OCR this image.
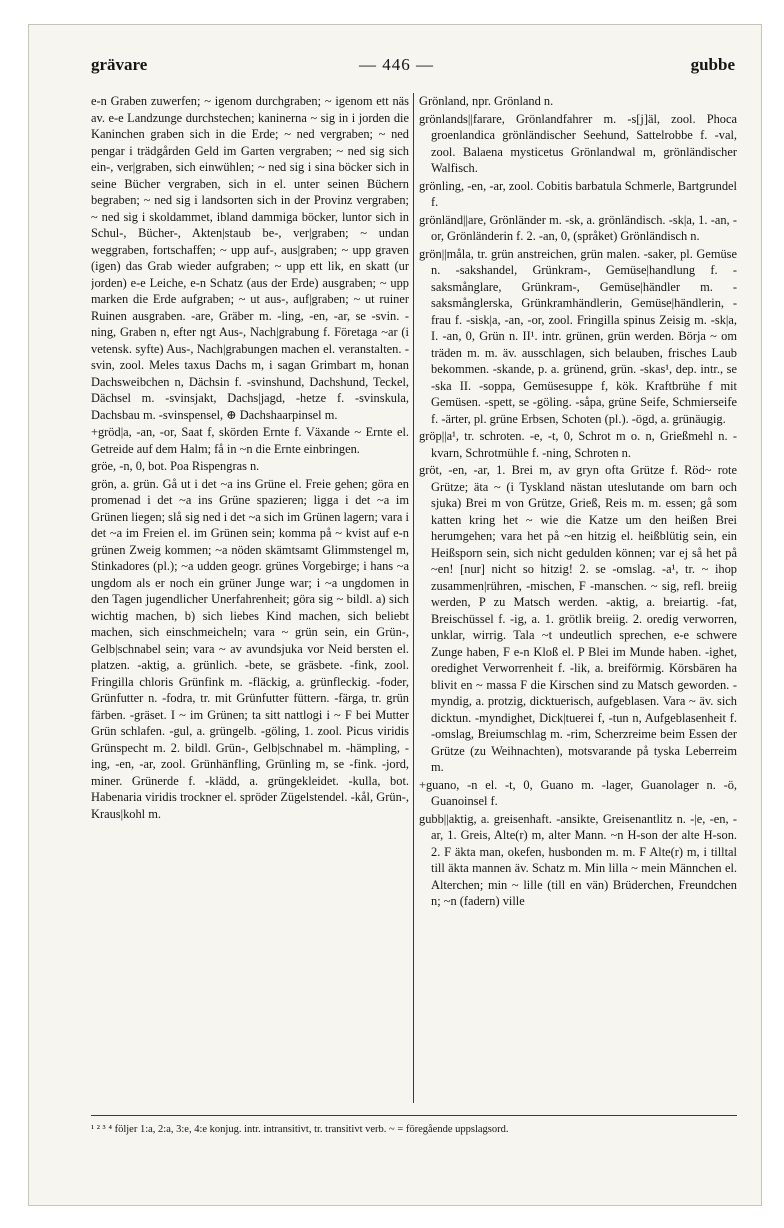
grävare	— 446 —	gubbe

e-n Graben zuwerfen; ~ igenom durchgraben; ~ igenom ett näs av. e-e Landzunge durchstechen; kaninerna ~ sig in i jorden die Kaninchen graben sich in die Erde; ~ ned vergraben; ~ ned pengar i trädgården Geld im Garten vergraben; ~ ned sig sich ein-, ver|graben, sich einwühlen; ~ ned sig i sina böcker sich in seine Bücher vergraben, sich in el. unter seinen Büchern begraben; ~ ned sig i landsorten sich in der Provinz vergraben; ~ ned sig i skoldammet, ibland dammiga böcker, luntor sich in Schul-, Bücher-, Akten|staub be-, ver|graben; ~ undan weggraben, fortschaffen; ~ upp auf-, aus|graben; ~ upp graven (igen) das Grab wieder aufgraben; ~ upp ett lik, en skatt (ur jorden) e-e Leiche, e-n Schatz (aus der Erde) ausgraben; ~ upp marken die Erde aufgraben; ~ ut aus-, auf|graben; ~ ut ruiner Ruinen ausgraben. -are, Gräber m. -ling, -en, -ar, se -svin. -ning, Graben n, efter ngt Aus-, Nach|grabung f. Företaga ~ar (i vetensk. syfte) Aus-, Nach|grabungen machen el. veranstalten. -svin, zool. Meles taxus Dachs m, i sagan Grimbart m, honan Dachsweibchen n, Dächsin f. -svinshund, Dachshund, Teckel, Dächsel m. -svinsjakt, Dachs|jagd, -hetze f. -svinskula, Dachsbau m. -svinspensel, ⊕ Dachshaarpinsel m.

+gröd|a, -an, -or, Saat f, skörden Ernte f. Växande ~ Ernte el. Getreide auf dem Halm; få in ~n die Ernte einbringen.

gröe, -n, 0, bot. Poa Rispengras n.

grön, a. grün. Gå ut i det ~a ins Grüne el. Freie gehen; göra en promenad i det ~a ins Grüne spazieren; ligga i det ~a im Grünen liegen; slå sig ned i det ~a sich im Grünen lagern; vara i det ~a im Freien el. im Grünen sein; komma på ~ kvist auf e-n grünen Zweig kommen; ~a nöden skämtsamt Glimmstengel m, Stinkadores (pl.); ~a udden geogr. grünes Vorgebirge; i hans ~a ungdom als er noch ein grüner Junge war; i ~a ungdomen in den Tagen jugendlicher Unerfahrenheit; göra sig ~ bildl. a) sich wichtig machen, b) sich liebes Kind machen, sich beliebt machen, sich einschmeicheln; vara ~ grün sein, ein Grün-, Gelb|schnabel sein; vara ~ av avundsjuka vor Neid bersten el. platzen. -aktig, a. grünlich. -bete, se gräsbete. -fink, zool. Fringilla chloris Grünfink m. -fläckig, a. grünfleckig. -foder, Grünfutter n. -fodra, tr. mit Grünfutter füttern. -färga, tr. grün färben. -gräset. I ~ im Grünen; ta sitt nattlogi i ~ F bei Mutter Grün schlafen. -gul, a. grüngelb. -göling, 1. zool. Picus viridis Grünspecht m. 2. bildl. Grün-, Gelb|schnabel m. -hämpling, -ing, -en, -ar, zool. Grünhänfling, Grünling m, se -fink. -jord, miner. Grünerde f. -klädd, a. grüngekleidet. -kulla, bot. Habenaria viridis trockner el. spröder Zügelstendel. -kål, Grün-, Kraus|kohl m.

Grönland, npr. Grönland n.

grönlands||farare, Grönlandfahrer m. -s[j]äl, zool. Phoca groenlandica grönländischer Seehund, Sattelrobbe f. -val, zool. Balaena mysticetus Grönlandwal m, grönländischer Walfisch.

grönling, -en, -ar, zool. Cobitis barbatula Schmerle, Bartgrundel f.

grönländ||are, Grönländer m. -sk, a. grönländisch. -sk|a, 1. -an, -or, Grönländerin f. 2. -an, 0, (språket) Grönländisch n.

grön||måla, tr. grün anstreichen, grün malen. -saker, pl. Gemüse n. -sakshandel, Grünkram-, Gemüse|handlung f. -saksmånglare, Grünkram-, Gemüse|händler m. -saksmånglerska, Grünkramhändlerin, Gemüse|händlerin, -frau f. -sisk|a, -an, -or, zool. Fringilla spinus Zeisig m. -sk|a, I. -an, 0, Grün n. II¹. intr. grünen, grün werden. Börja ~ om träden m. m. äv. ausschlagen, sich belauben, frisches Laub bekommen. -skande, p. a. grünend, grün. -skas¹, dep. intr., se -ska II. -soppa, Gemüsesuppe f, kök. Kraftbrühe f mit Gemüsen. -spett, se -göling. -såpa, grüne Seife, Schmierseife f. -ärter, pl. grüne Erbsen, Schoten (pl.). -ögd, a. grünäugig.

gröp||a¹, tr. schroten. -e, -t, 0, Schrot m o. n, Grießmehl n. -kvarn, Schrotmühle f. -ning, Schroten n.

gröt, -en, -ar, 1. Brei m, av gryn ofta Grütze f. Röd~ rote Grütze; äta ~ (i Tyskland nästan uteslutande om barn och sjuka) Brei m von Grütze, Grieß, Reis m. m. essen; gå som katten kring het ~ wie die Katze um den heißen Brei herumgehen; vara het på ~en hitzig el. heißblütig sein, ein Heißsporn sein, sich nicht gedulden können; var ej så het på ~en! [nur] nicht so hitzig! 2. se -omslag. -a¹, tr. ~ ihop zusammen|rühren, -mischen, F -manschen. ~ sig, refl. breiig werden, P zu Matsch werden. -aktig, a. breiartig. -fat, Breischüssel f. -ig, a. 1. grötlik breiig. 2. oredig verworren, unklar, wirrig. Tala ~t undeutlich sprechen, e-e schwere Zunge haben, F e-n Kloß el. P Blei im Munde haben. -ighet, oredighet Verworrenheit f. -lik, a. breiförmig. Körsbären ha blivit en ~ massa F die Kirschen sind zu Matsch geworden. -myndig, a. protzig, dicktuerisch, aufgeblasen. Vara ~ äv. sich dicktun. -myndighet, Dick|tuerei f, -tun n, Aufgeblasenheit f. -omslag, Breiumschlag m. -rim, Scherzreime beim Essen der Grütze (zu Weihnachten), motsvarande på tyska Leberreim m.

+guano, -n el. -t, 0, Guano m. -lager, Guanolager n. -ö, Guanoinsel f.

gubb||aktig, a. greisenhaft. -ansikte, Greisenantlitz n. -|e, -en, -ar, 1. Greis, Alte(r) m, alter Mann. ~n H-son der alte H-son. 2. F äkta man, okefen, husbonden m. m. F Alte(r) m, i tilltal till äkta mannen äv. Schatz m. Min lilla ~ mein Männchen el. Alterchen; min ~ lille (till en vän) Brüderchen, Freundchen n; ~n (fadern) ville

¹ ² ³ ⁴ följer 1:a, 2:a, 3:e, 4:e konjug. intr. intransitivt, tr. transitivt verb. ~ = föregående uppslagsord.
